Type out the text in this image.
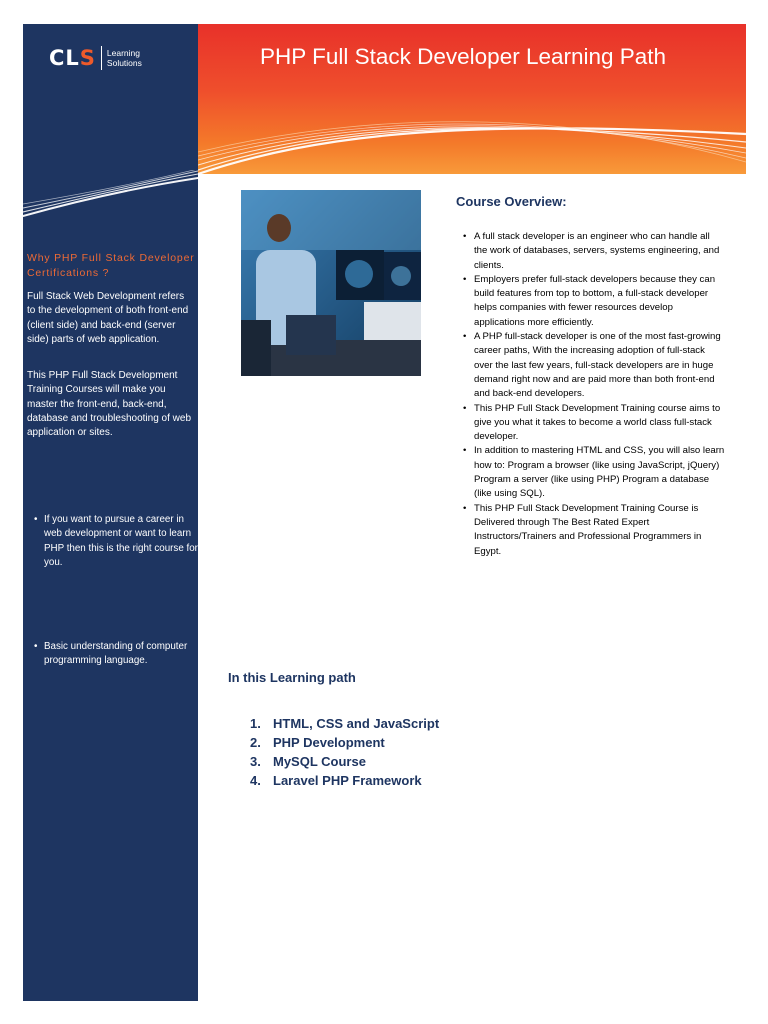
CLS Learning
Solutions
Why PHP Full Stack Developer Certifications ?

Full Stack Web Development refers to the development of both front-end (client side) and back-end (server side) parts of web application.

This PHP Full Stack Development Training Courses will make you master the front-end, back-end, database and troubleshooting of web application or sites.

• If you want to pursue a career in web development or want to learn PHP then this is the right course for you.
• Basic understanding of computer programming language.
PHP Full Stack Developer Learning Path
Course Overview:
• A full stack developer is an engineer who can handle all the work of databases, servers, systems engineering, and clients.
• Employers prefer full-stack developers because they can build features from top to bottom, a full-stack developer helps companies with fewer resources develop applications more efficiently.
• A PHP full-stack developer is one of the most fast-growing career paths, With the increasing adoption of full-stack over the last few years, full-stack developers are in huge demand right now and are paid more than both front-end and back-end developers.
• This PHP Full Stack Development Training course aims to give you what it takes to become a world class full-stack developer.
• In addition to mastering HTML and CSS, you will also learn how to: Program a browser (like using JavaScript, jQuery) Program a server (like using PHP) Program a database (like using SQL).
• This PHP Full Stack Development Training Course is Delivered through The Best Rated Expert Instructors/Trainers and Professional Programmers in Egypt.
In this Learning path
1. HTML, CSS and JavaScript
2. PHP Development
3. MySQL Course
4. Laravel PHP Framework
